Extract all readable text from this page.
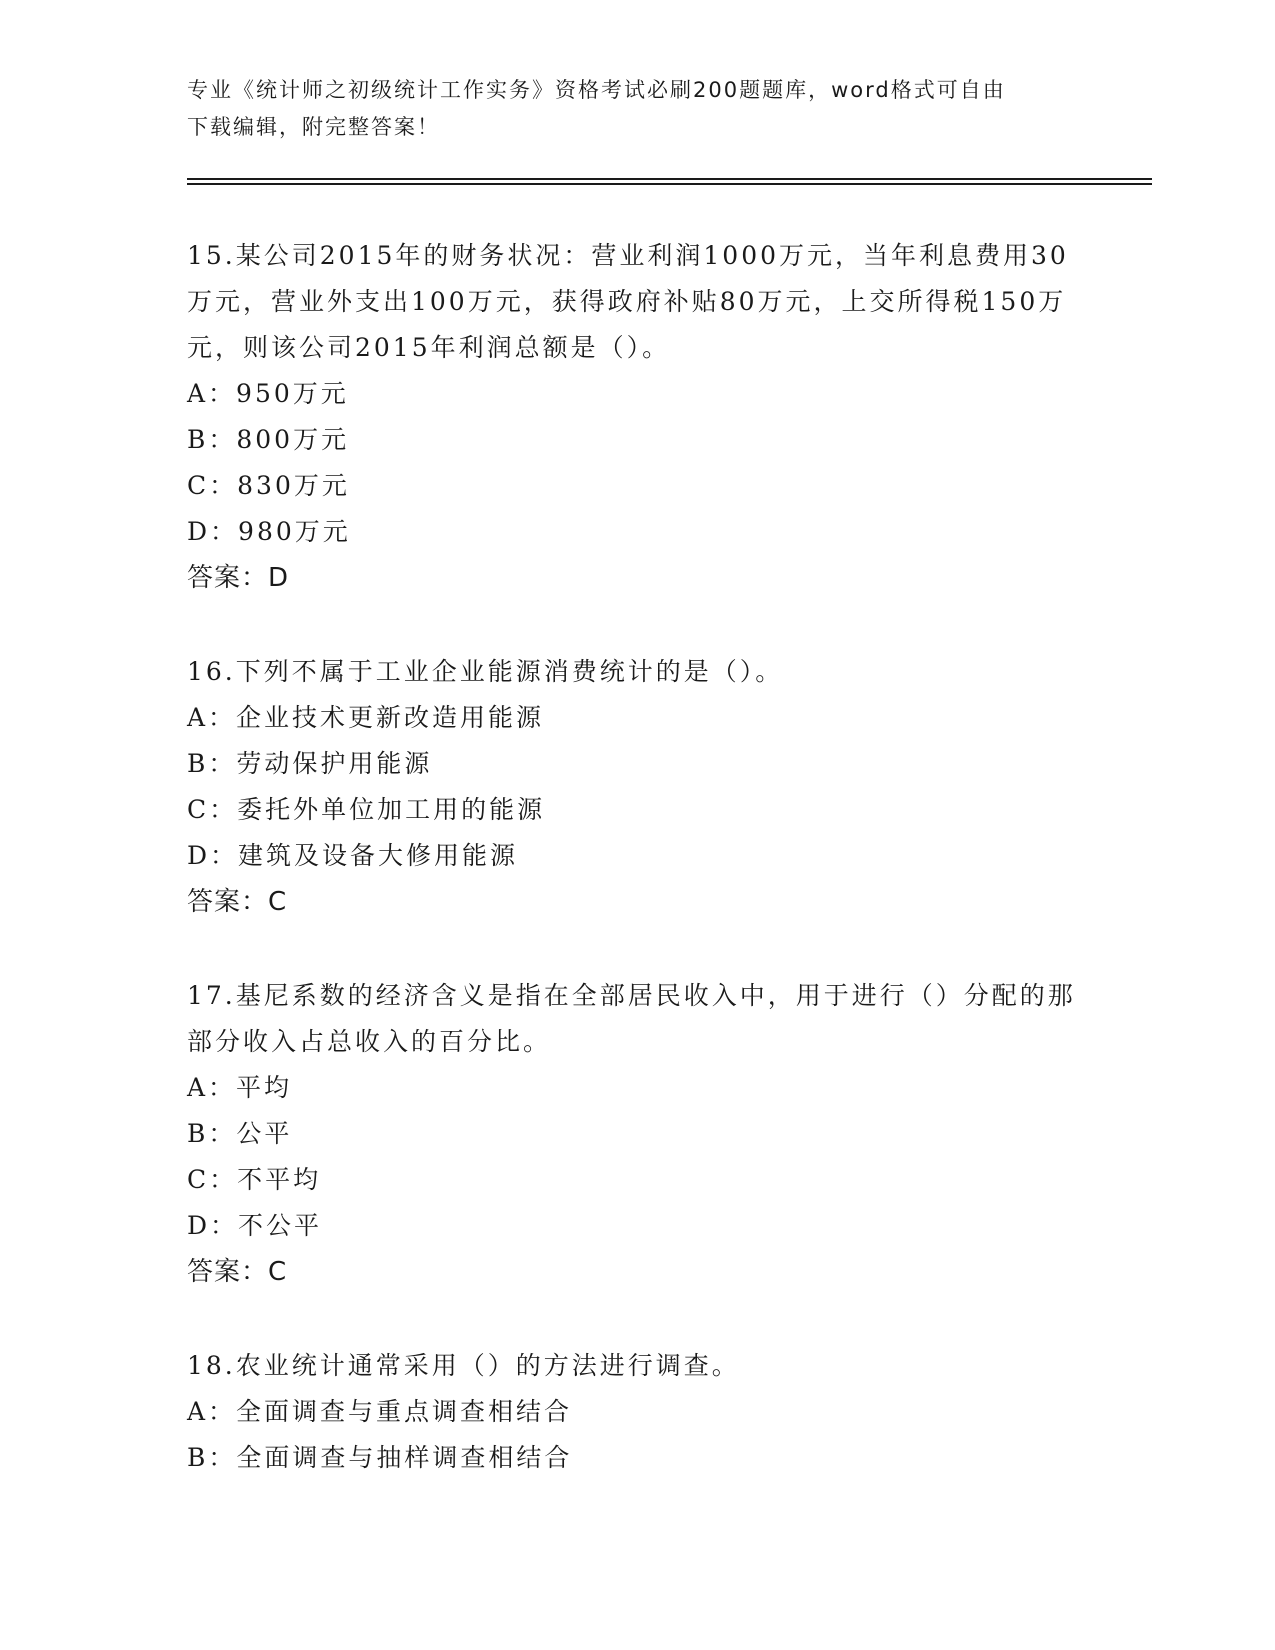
专业《统计师之初级统计工作实务》资格考试必刷200题题库，word格式可自由
下载编辑，附完整答案！
15.某公司2015年的财务状况：营业利润1000万元，当年利息费用30万元，营业外支出100万元，获得政府补贴80万元，上交所得税150万元，则该公司2015年利润总额是（）。
A：950万元
B：800万元
C：830万元
D：980万元
答案：D
16.下列不属于工业企业能源消费统计的是（）。
A：企业技术更新改造用能源
B：劳动保护用能源
C：委托外单位加工用的能源
D：建筑及设备大修用能源
答案：C
17.基尼系数的经济含义是指在全部居民收入中，用于进行（）分配的那部分收入占总收入的百分比。
A：平均
B：公平
C：不平均
D：不公平
答案：C
18.农业统计通常采用（）的方法进行调查。
A：全面调查与重点调查相结合
B：全面调查与抽样调查相结合
